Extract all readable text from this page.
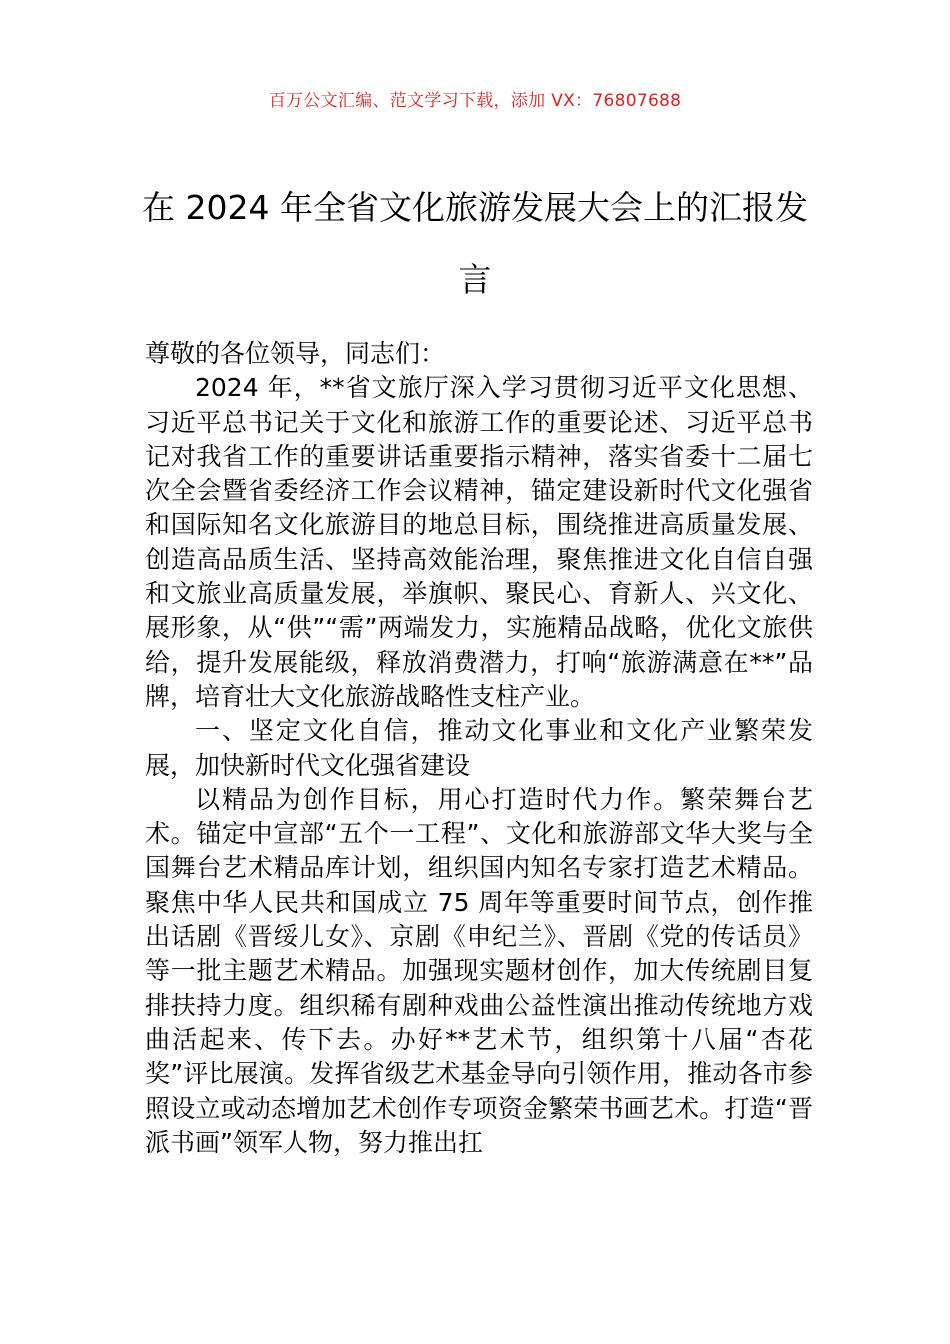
百万公文汇编、范文学习下载，添加 VX：76807688
在 2024 年全省文化旅游发展大会上的汇报发言

尊敬的各位领导，同志们：

2024 年，**省文旅厅深入学习贯彻习近平文化思想、习近平总书记关于文化和旅游工作的重要论述、习近平总书记对我省工作的重要讲话重要指示精神，落实省委十二届七次全会暨省委经济工作会议精神，锚定建设新时代文化强省和国际知名文化旅游目的地总目标，围绕推进高质量发展、创造高品质生活、坚持高效能治理，聚焦推进文化自信自强和文旅业高质量发展，举旗帜、聚民心、育新人、兴文化、展形象，从“供”“需”两端发力，实施精品战略，优化文旅供给，提升发展能级，释放消费潜力，打响“旅游满意在**”品牌，培育壮大文化旅游战略性支柱产业。

一、坚定文化自信，推动文化事业和文化产业繁荣发展，加快新时代文化强省建设

以精品为创作目标，用心打造时代力作。繁荣舞台艺术。锚定中宣部“五个一工程”、文化和旅游部文华大奖与全国舞台艺术精品库计划，组织国内知名专家打造艺术精品。聚焦中华人民共和国成立 75 周年等重要时间节点，创作推出话剧《晋绥儿女》、京剧《申纪兰》、晋剧《党的传话员》等一批主题艺术精品。加强现实题材创作，加大传统剧目复排扶持力度。组织稀有剧种戏曲公益性演出推动传统地方戏曲活起来、传下去。办好**艺术节，组织第十八届“杏花奖”评比展演。发挥省级艺术基金导向引领作用，推动各市参照设立或动态增加艺术创作专项资金繁荣书画艺术。打造“晋派书画”领军人物，努力推出扛
